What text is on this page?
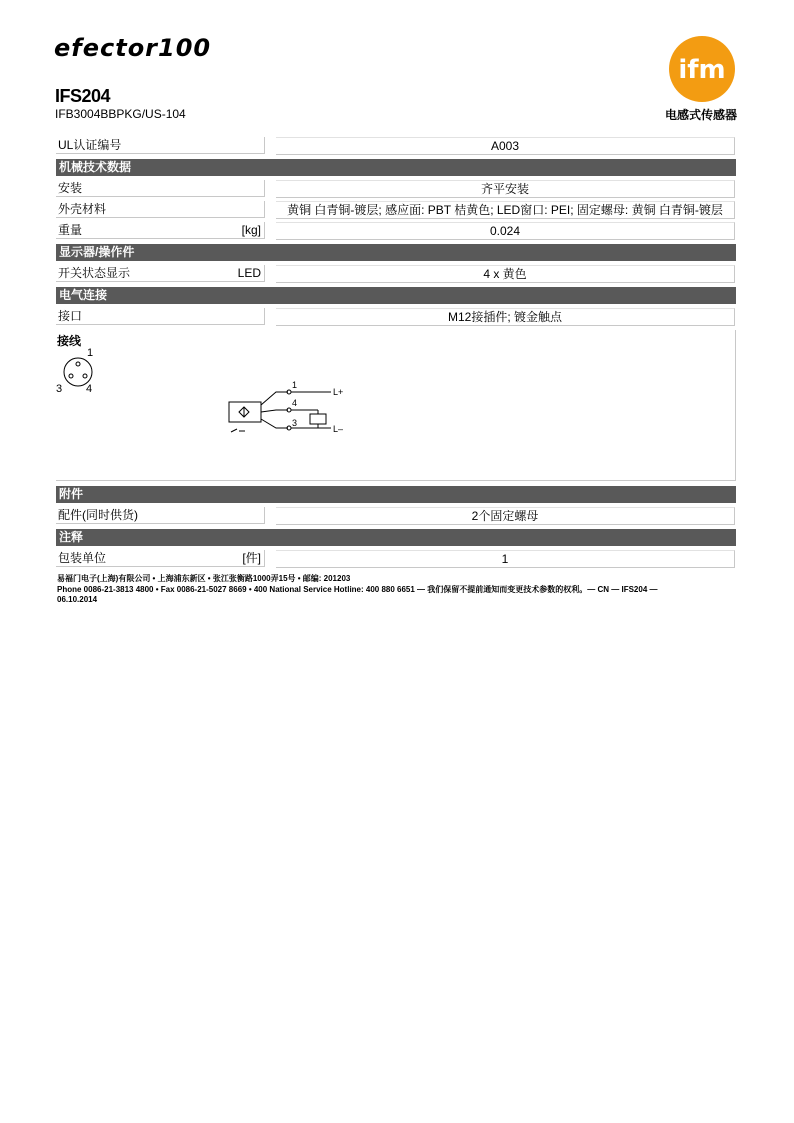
efector100
IFS204
IFB3004BBPKG/US-104	电感式传感器
ifm
UL认证编号	A003
机械技术数据
安装	齐平安装
外壳材料	黄铜 白青铜-镀层; 感应面: PBT 桔黄色; LED窗口: PEI; 固定螺母: 黄铜 白青铜-镀层
重量	[kg]	0.024
显示器/操作件
开关状态显示	LED	4 x 黄色
电气连接
接口	M12接插件; 镀金触点
接线
1
3 4	1
4
3
L+
L–
附件
配件(同时供货)	2个固定螺母
注释
包装单位	[件]	1
易福门电子(上海)有限公司 • 上海浦东新区 • 张江张衡路1000弄15号 • 邮编: 201203
Phone 0086-21-3813 4800 • Fax 0086-21-5027 8669 • 400 National Service Hotline: 400 880 6651 — 我们保留不提前通知而变更技术参数的权利。— CN — IFS204 —
06.10.2014
